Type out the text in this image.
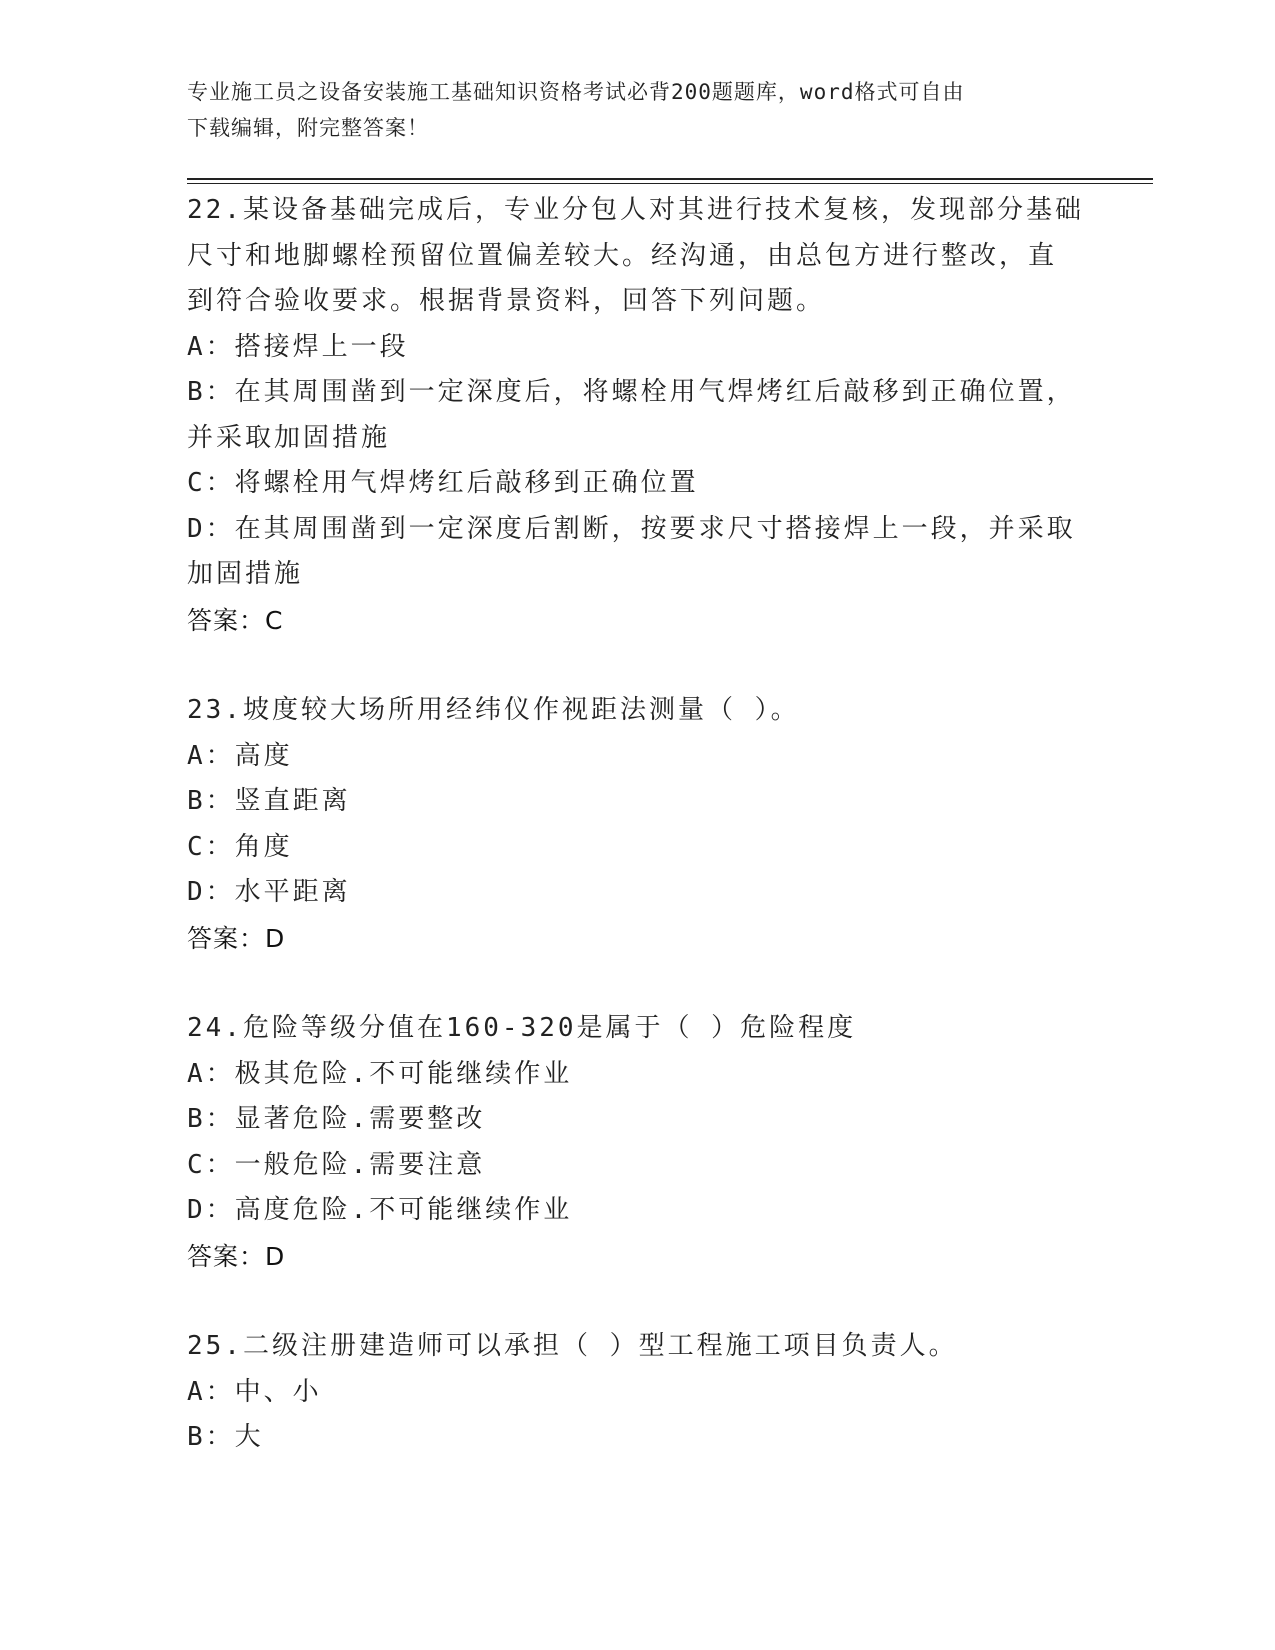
专业施工员之设备安装施工基础知识资格考试必背200题题库，word格式可自由
下载编辑，附完整答案！
22.某设备基础完成后，专业分包人对其进行技术复核，发现部分基础
尺寸和地脚螺栓预留位置偏差较大。经沟通，由总包方进行整改，直
到符合验收要求。根据背景资料，回答下列问题。
A：搭接焊上一段
B：在其周围凿到一定深度后，将螺栓用气焊烤红后敲移到正确位置，
并采取加固措施
C：将螺栓用气焊烤红后敲移到正确位置
D：在其周围凿到一定深度后割断，按要求尺寸搭接焊上一段，并采取
加固措施
答案：C
23.坡度较大场所用经纬仪作视距法测量（ ）。
A：高度
B：竖直距离
C：角度
D：水平距离
答案：D
24.危险等级分值在160-320是属于（ ）危险程度
A：极其危险.不可能继续作业
B：显著危险.需要整改
C：一般危险.需要注意
D：高度危险.不可能继续作业
答案：D
25.二级注册建造师可以承担（ ）型工程施工项目负责人。
A：中、小
B：大
